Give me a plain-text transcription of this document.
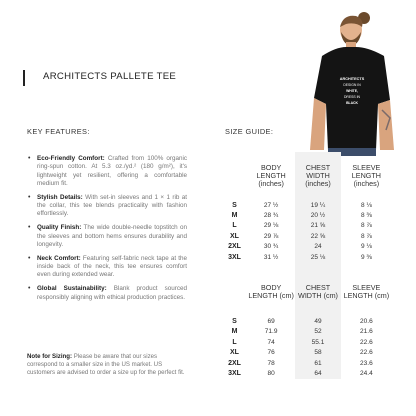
ARCHITECTS PALLETE TEE	ARCHITECTS
DESIGN IN
WHITE,
DRESS IN
BLACK
KEY FEATURES:	SIZE GUIDE:
• Eco-Friendly Comfort: Crafted from 100% organic ring-spun cotton. At 5.3 oz./yd.² (180 g/m²), it's lightweight yet resilient, offering a comfortable medium fit.
• Stylish Details: With set-in sleeves and 1 × 1 rib at the collar, this tee blends practicality with fashion effortlessly.
• Quality Finish: The wide double-needle topstitch on the sleeves and bottom hems ensures durability and longevity.
• Neck Comfort: Featuring self-fabric neck tape at the inside back of the neck, this tee ensures comfort even during extended wear.
• Global Sustainability: Blank product sourced responsibly aligning with ethical production practices.
Note for Sizing: Please be aware that our sizes correspond to a smaller size in the US market. US customers are advised to order a size up for the perfect fit.
	BODY LENGTH (inches)	CHEST WIDTH (inches)	SLEEVE LENGTH (inches)
S	27 ½	19 ¼	8 ⅛
M	28 ¾	20 ½	8 ⅜
L	29 ⅛	21 ⅝	8 ⅞
XL	29 ⅞	22 ⅝	8 ⅞
2XL	30 ¾	24	9 ⅛
3XL	31 ½	25 ⅛	9 ⅜

	BODY LENGTH (cm)	CHEST WIDTH (cm)	SLEEVE LENGTH (cm)
S	69	49	20.6
M	71.9	52	21.6
L	74	55.1	22.6
XL	76	58	22.6
2XL	78	61	23.6
3XL	80	64	24.4
